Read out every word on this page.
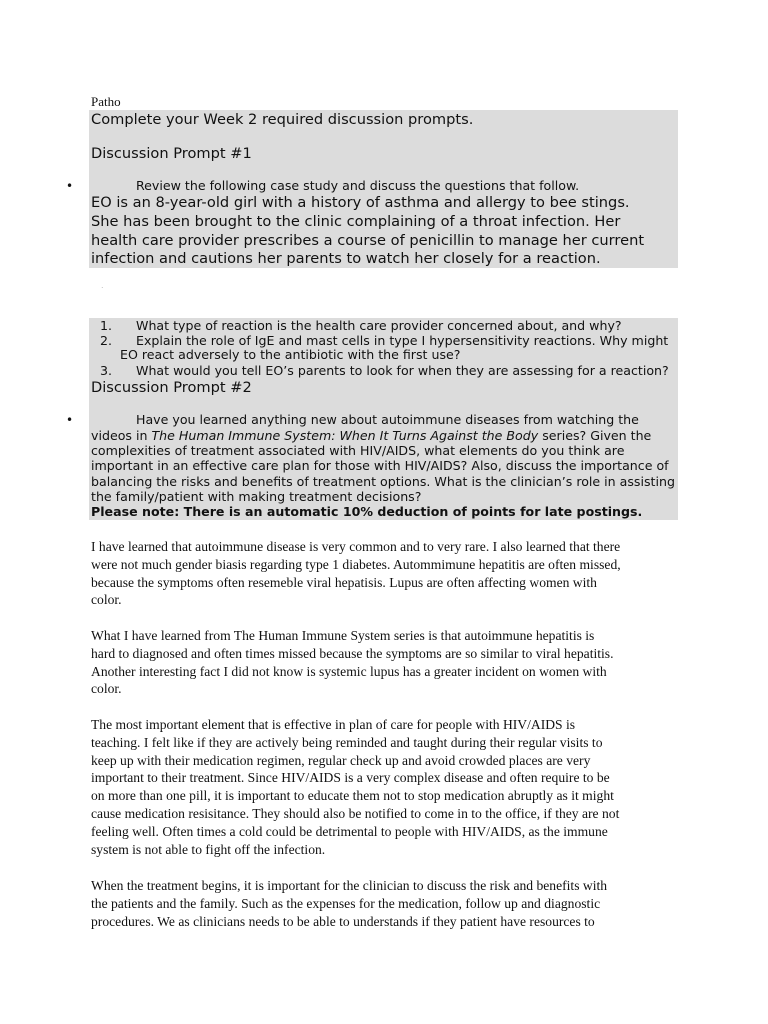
Patho
Complete your Week 2 required discussion prompts.
Discussion Prompt #1
•	Review the following case study and discuss the questions that follow.
EO is an 8-year-old girl with a history of asthma and allergy to bee stings.
She has been brought to the clinic complaining of a throat infection. Her
health care provider prescribes a course of penicillin to manage her current
infection and cautions her parents to watch her closely for a reaction.
.
1. What type of reaction is the health care provider concerned about, and why?
2. Explain the role of IgE and mast cells in type I hypersensitivity reactions. Why might
EO react adversely to the antibiotic with the first use?
3. What would you tell EO’s parents to look for when they are assessing for a reaction?
Discussion Prompt #2
•	Have you learned anything new about autoimmune diseases from watching the
videos in The Human Immune System: When It Turns Against the Body series? Given the
complexities of treatment associated with HIV/AIDS, what elements do you think are
important in an effective care plan for those with HIV/AIDS? Also, discuss the importance of
balancing the risks and benefits of treatment options. What is the clinician’s role in assisting
the family/patient with making treatment decisions?
Please note: There is an automatic 10% deduction of points for late postings.
I have learned that autoimmune disease is very common and to very rare. I also learned that there
were not much gender biasis regarding type 1 diabetes. Autommimune hepatitis are often missed,
because the symptoms often resemeble viral hepatisis. Lupus are often affecting women with
color.
What I have learned from The Human Immune System series is that autoimmune hepatitis is
hard to diagnosed and often times missed because the symptoms are so similar to viral hepatitis.
Another interesting fact I did not know is systemic lupus has a greater incident on women with
color.
The most important element that is effective in plan of care for people with HIV/AIDS is
teaching. I felt like if they are actively being reminded and taught during their regular visits to
keep up with their medication regimen, regular check up and avoid crowded places are very
important to their treatment. Since HIV/AIDS is a very complex disease and often require to be
on more than one pill, it is important to educate them not to stop medication abruptly as it might
cause medication resisitance. They should also be notified to come in to the office, if they are not
feeling well. Often times a cold could be detrimental to people with HIV/AIDS, as the immune
system is not able to fight off the infection.
When the treatment begins, it is important for the clinician to discuss the risk and benefits with
the patients and the family. Such as the expenses for the medication, follow up and diagnostic
procedures. We as clinicians needs to be able to understands if they patient have resources to
